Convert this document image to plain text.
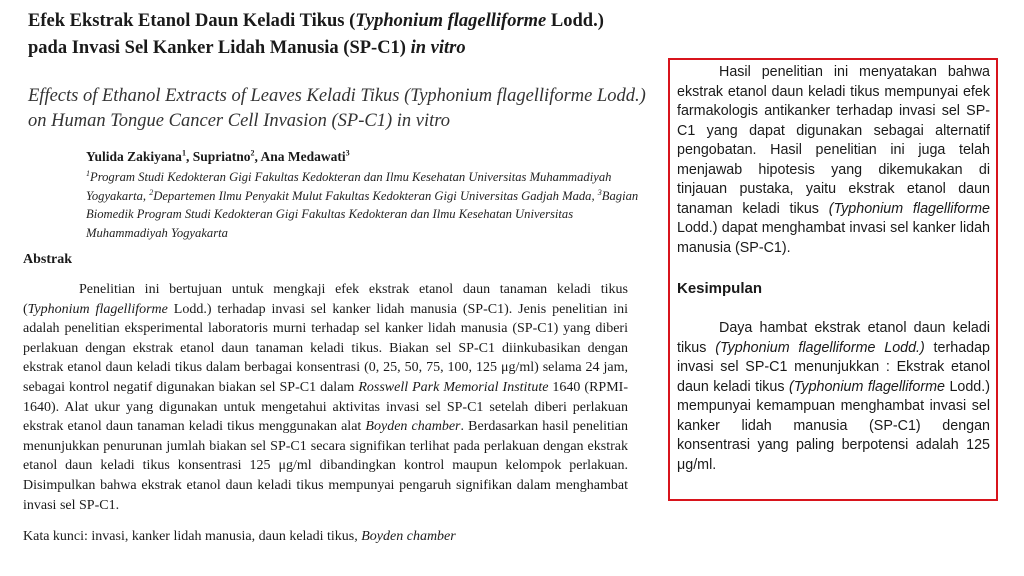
Efek Ekstrak Etanol Daun Keladi Tikus (Typhonium flagelliforme Lodd.)
pada Invasi Sel Kanker Lidah Manusia (SP-C1) in vitro

Effects of Ethanol Extracts of Leaves Keladi Tikus (Typhonium flagelliforme Lodd.) on Human Tongue Cancer Cell Invasion (SP-C1) in vitro

Yulida Zakiyana$^1$, Supriatno$^2$, Ana Medawati$^3$
$^1$Program Studi Kedokteran Gigi Fakultas Kedokteran dan Ilmu Kesehatan Universitas Muhammadiyah Yogyakarta, $^2$Departemen Ilmu Penyakit Mulut Fakultas Kedokteran Gigi Universitas Gadjah Mada, $^3$Bagian Biomedik Program Studi Kedokteran Gigi Fakultas Kedokteran dan Ilmu Kesehatan Universitas Muhammadiyah Yogyakarta
Abstrak

Penelitian ini bertujuan untuk mengkaji efek ekstrak etanol daun tanaman keladi tikus (Typhonium flagelliforme Lodd.) terhadap invasi sel kanker lidah manusia (SP-C1). Jenis penelitian ini adalah penelitian eksperimental laboratoris murni terhadap sel kanker lidah manusia (SP-C1) yang diberi perlakuan dengan ekstrak etanol daun tanaman keladi tikus. Biakan sel SP-C1 diinkubasikan dengan ekstrak etanol daun keladi tikus dalam berbagai konsentrasi (0, 25, 50, 75, 100, 125 μg/ml) selama 24 jam, sebagai kontrol negatif digunakan biakan sel SP-C1 dalam Rosswell Park Memorial Institute 1640 (RPMI-1640). Alat ukur yang digunakan untuk mengetahui aktivitas invasi sel SP-C1 setelah diberi perlakuan ekstrak etanol daun tanaman keladi tikus menggunakan alat Boyden chamber. Berdasarkan hasil penelitian menunjukkan penurunan jumlah biakan sel SP-C1 secara signifikan terlihat pada perlakuan dengan ekstrak etanol daun keladi tikus konsentrasi 125 μg/ml dibandingkan kontrol maupun kelompok perlakuan. Disimpulkan bahwa ekstrak etanol daun keladi tikus mempunyai pengaruh signifikan dalam menghambat invasi sel SP-C1.

Kata kunci: invasi, kanker lidah manusia, daun keladi tikus, Boyden chamber

Hasil penelitian ini menyatakan bahwa ekstrak etanol daun keladi tikus mempunyai efek farmakologis antikanker terhadap invasi sel SP-C1 yang dapat digunakan sebagai alternatif pengobatan. Hasil penelitian ini juga telah menjawab hipotesis yang dikemukakan di tinjauan pustaka, yaitu ekstrak etanol daun tanaman keladi tikus (Typhonium flagelliforme Lodd.) dapat menghambat invasi sel kanker lidah manusia (SP-C1).

Kesimpulan

Daya hambat ekstrak etanol daun keladi tikus (Typhonium flagelliforme Lodd.) terhadap invasi sel SP-C1 menunjukkan : Ekstrak etanol daun keladi tikus (Typhonium flagelliforme Lodd.) mempunyai kemampuan menghambat invasi sel kanker lidah manusia (SP-C1) dengan konsentrasi yang paling berpotensi adalah 125 μg/ml.
